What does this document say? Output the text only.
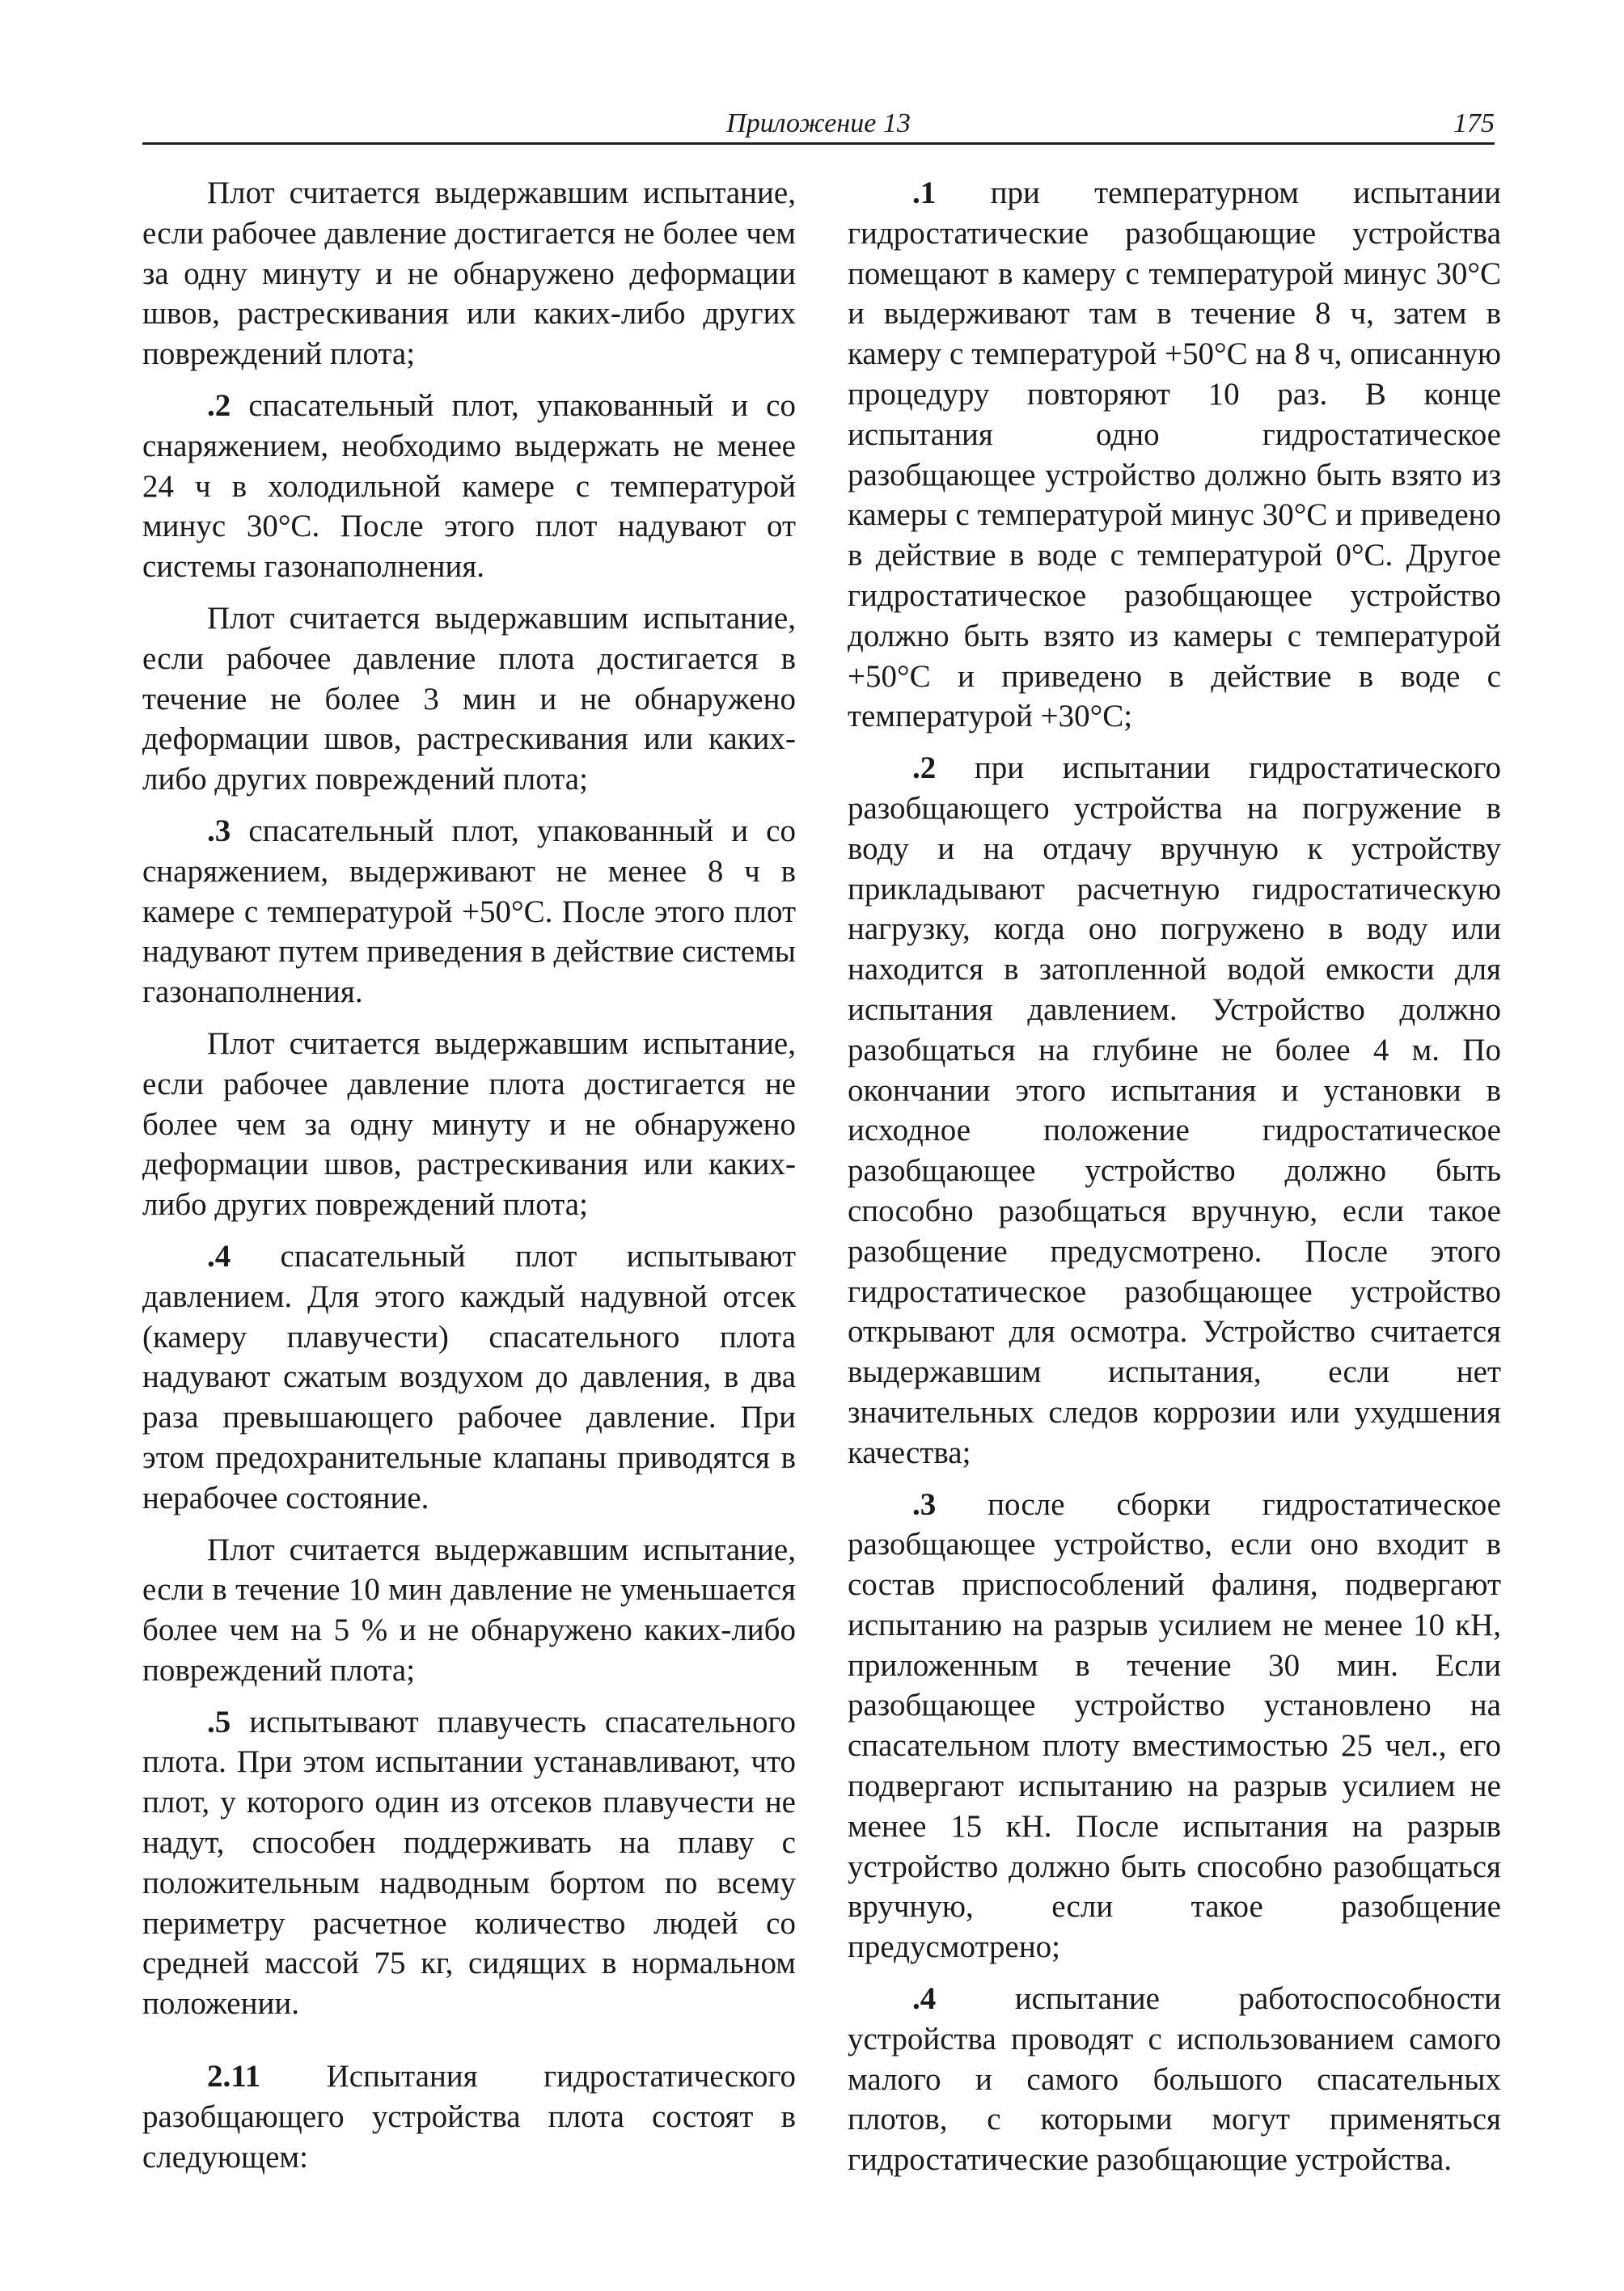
Приложение 13	175

Плот считается выдержавшим испытание, если рабочее давление достигается не более чем за одну минуту и не обнаружено деформации швов, растрескивания или каких-либо других повреждений плота;

.2 спасательный плот, упакованный и со снаряжением, необходимо выдержать не менее 24 ч в холодильной камере с температурой минус 30°С. После этого плот надувают от системы газонаполнения.

Плот считается выдержавшим испытание, если рабочее давление плота достигается в течение не более 3 мин и не обнаружено деформации швов, растрескивания или каких-либо других повреждений плота;

.3 спасательный плот, упакованный и со снаряжением, выдерживают не менее 8 ч в камере с температурой +50°С. После этого плот надувают путем приведения в действие системы газонаполнения.

Плот считается выдержавшим испытание, если рабочее давление плота достигается не более чем за одну минуту и не обнаружено деформации швов, растрескивания или каких-либо других повреждений плота;

.4 спасательный плот испытывают давлением. Для этого каждый надувной отсек (камеру плавучести) спасательного плота надувают сжатым воздухом до давления, в два раза превышающего рабочее давление. При этом предохранительные клапаны приводятся в нерабочее состояние.

Плот считается выдержавшим испытание, если в течение 10 мин давление не уменьшается более чем на 5 % и не обнаружено каких-либо повреждений плота;

.5 испытывают плавучесть спасательного плота. При этом испытании устанавливают, что плот, у которого один из отсеков плавучести не надут, способен поддерживать на плаву с положительным надводным бортом по всему периметру расчетное количество людей со средней массой 75 кг, сидящих в нормальном положении.

2.11 Испытания гидростатического разобщающего устройства плота состоят в следующем:

.1 при температурном испытании гидростатические разобщающие устройства помещают в камеру с температурой минус 30°С и выдерживают там в течение 8 ч, затем в камеру с температурой +50°С на 8 ч, описанную процедуру повторяют 10 раз. В конце испытания одно гидростатическое разобщающее устройство должно быть взято из камеры с температурой минус 30°С и приведено в действие в воде с температурой 0°С. Другое гидростатическое разобщающее устройство должно быть взято из камеры с температурой +50°С и приведено в действие в воде с температурой +30°С;

.2 при испытании гидростатического разобщающего устройства на погружение в воду и на отдачу вручную к устройству прикладывают расчетную гидростатическую нагрузку, когда оно погружено в воду или находится в затопленной водой емкости для испытания давлением. Устройство должно разобщаться на глубине не более 4 м. По окончании этого испытания и установки в исходное положение гидростатическое разобщающее устройство должно быть способно разобщаться вручную, если такое разобщение предусмотрено. После этого гидростатическое разобщающее устройство открывают для осмотра. Устройство считается выдержавшим испытания, если нет значительных следов коррозии или ухудшения качества;

.3 после сборки гидростатическое разобщающее устройство, если оно входит в состав приспособлений фалиня, подвергают испытанию на разрыв усилием не менее 10 кН, приложенным в течение 30 мин. Если разобщающее устройство установлено на спасательном плоту вместимостью 25 чел., его подвергают испытанию на разрыв усилием не менее 15 кН. После испытания на разрыв устройство должно быть способно разобщаться вручную, если такое разобщение предусмотрено;

.4 испытание работоспособности устройства проводят с использованием самого малого и самого большого спасательных плотов, с которыми могут применяться гидростатические разобщающие устройства.
